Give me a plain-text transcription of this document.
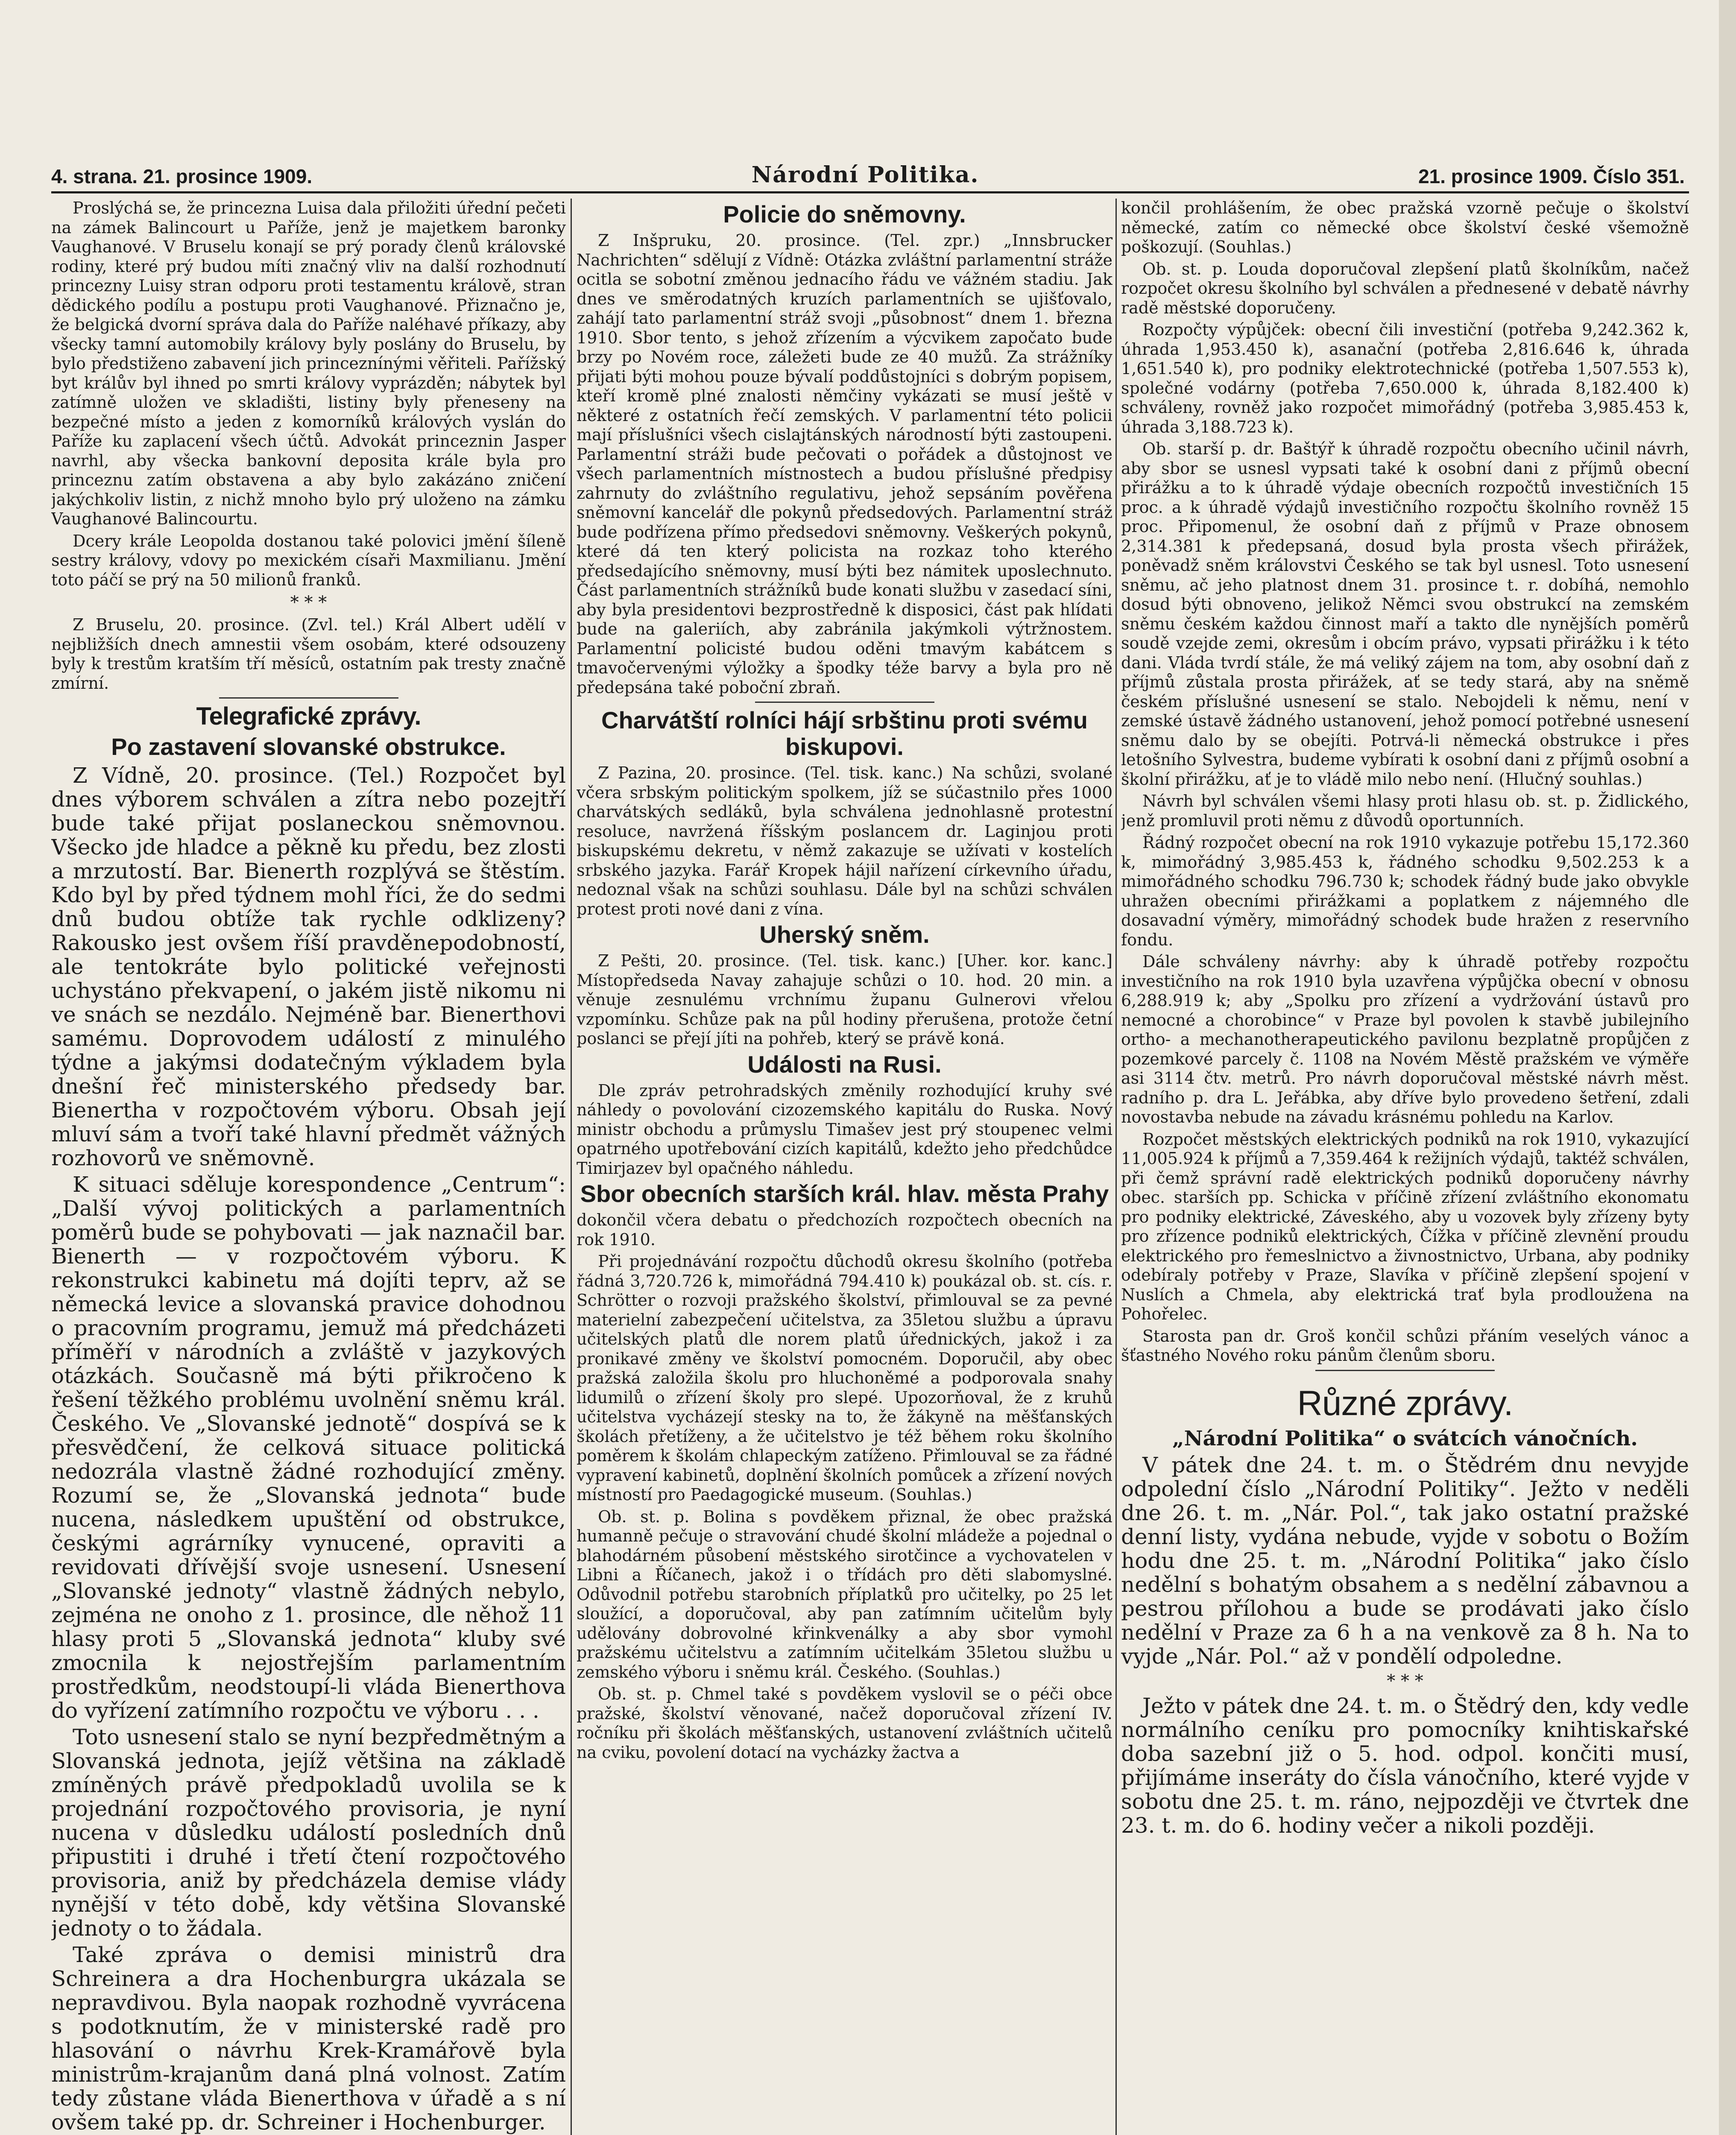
4. strana. 21. prosince 1909.	Národní Politika.	21. prosince 1909. Číslo 351.

Proslýchá se, že princezna Luisa dala přiložiti úřední pečeti na zámek Balincourt u Paříže, jenž je majetkem baronky Vaughanové. V Bruselu konají se prý porady členů královské rodiny, které prý budou míti značný vliv na další rozhodnutí princezny Luisy stran odporu proti testamentu králově, stran dědického podílu a postupu proti Vaughanové. Přiznačno je, že belgická dvorní správa dala do Paříže naléhavé příkazy, aby všecky tamní automobily královy byly poslány do Bruselu, by bylo předstiženo zabavení jich princeznínými věřiteli. Pařížský byt králův byl ihned po smrti královy vyprázděn; nábytek byl zatímně uložen ve skladišti, listiny byly přeneseny na bezpečné místo a jeden z komorníků králových vyslán do Paříže ku zaplacení všech účtů. Advokát princeznin Jasper navrhl, aby všecka bankovní deposita krále byla pro princeznu zatím obstavena a aby bylo zakázáno zničení jakýchkoliv listin, z nichž mnoho bylo prý uloženo na zámku Vaughanové Balincourtu.

Dcery krále Leopolda dostanou také polovici jmění šíleně sestry královy, vdovy po mexickém císaři Maxmilianu. Jmění toto páčí se prý na 50 milionů franků.

* * *

Z Bruselu, 20. prosince. (Zvl. tel.) Král Albert udělí v nejbližších dnech amnestii všem osobám, které odsouzeny byly k trestům kratším tří měsíců, ostatním pak tresty značně zmírní.

Telegrafické zprávy.
Po zastavení slovanské obstrukce.

Z Vídně, 20. prosince. (Tel.) Rozpočet byl dnes výborem schválen a zítra nebo pozejtří bude také přijat poslaneckou sněmovnou. Všecko jde hladce a pěkně ku předu, bez zlosti a mrzutostí. Bar. Bienerth rozplývá se štěstím. Kdo byl by před týdnem mohl říci, že do sedmi dnů budou obtíže tak rychle odklizeny? Rakousko jest ovšem říší pravděnepodobností, ale tentokráte bylo politické veřejnosti uchystáno překvapení, o jakém jistě nikomu ni ve snách se nezdálo. Nejméně bar. Bienerthovi samému. Doprovodem událostí z minulého týdne a jakýmsi dodatečným výkladem byla dnešní řeč ministerského předsedy bar. Bienertha v rozpočtovém výboru. Obsah její mluví sám a tvoří také hlavní předmět vážných rozhovorů ve sněmovně.

K situaci sděluje korespondence „Centrum“: „Další vývoj politických a parlamentních poměrů bude se pohybovati — jak naznačil bar. Bienerth — v rozpočtovém výboru. K rekonstrukci kabinetu má dojíti teprv, až se německá levice a slovanská pravice dohodnou o pracovním programu, jemuž má předcházeti příměří v národních a zvláště v jazykových otázkách. Současně má býti přikročeno k řešení těžkého problému uvolnění sněmu král. Českého. Ve „Slovanské jednotě“ dospívá se k přesvědčení, že celková situace politická nedozrála vlastně žádné rozhodující změny. Rozumí se, že „Slovanská jednota“ bude nucena, následkem upuštění od obstrukce, českými agrárníky vynucené, opraviti a revidovati dřívější svoje usnesení. Usnesení „Slovanské jednoty“ vlastně žádných nebylo, zejména ne onoho z 1. prosince, dle něhož 11 hlasy proti 5 „Slovanská jednota“ kluby své zmocnila k nejostřejším parlamentním prostředkům, neodstoupí-li vláda Bienerthova do vyřízení zatímního rozpočtu ve výboru . . .

Toto usnesení stalo se nyní bezpředmětným a Slovanská jednota, jejíž většina na základě zmíněných právě předpokladů uvolila se k projednání rozpočtového provisoria, je nyní nucena v důsledku událostí posledních dnů připustiti i druhé i třetí čtení rozpočtového provisoria, aniž by předcházela demise vlády nynější v této době, kdy většina Slovanské jednoty o to žádala.

Také zpráva o demisi ministrů dra Schreinera a dra Hochenburgra ukázala se nepravdivou. Byla naopak rozhodně vyvrácena s podotknutím, že v ministerské radě pro hlasování o návrhu Krek-Kramářově byla ministrům-krajanům daná plná volnost. Zatím tedy zůstane vláda Bienerthova v úřadě a s ní ovšem také pp. dr. Schreiner i Hochenburger.

Policie do sněmovny.

Z Inšpruku, 20. prosince. (Tel. zpr.) „Innsbrucker Nachrichten“ sdělují z Vídně: Otázka zvláštní parlamentní stráže ocitla se sobotní změnou jednacího řádu ve vážném stadiu. Jak dnes ve směrodatných kruzích parlamentních se ujišťovalo, zahájí tato parlamentní stráž svoji „působnost“ dnem 1. března 1910. Sbor tento, s jehož zřízením a výcvikem započato bude brzy po Novém roce, záležeti bude ze 40 mužů. Za strážníky přijati býti mohou pouze bývalí poddůstojníci s dobrým popisem, kteří kromě plné znalosti němčiny vykázati se musí ještě v některé z ostatních řečí zemských. V parlamentní této policii mají příslušníci všech cislajtánských národností býti zastoupeni. Parlamentní stráži bude pečovati o pořádek a důstojnost ve všech parlamentních místnostech a budou příslušné předpisy zahrnuty do zvláštního regulativu, jehož sepsáním pověřena sněmovní kancelář dle pokynů předsedových. Parlamentní stráž bude podřízena přímo předsedovi sněmovny. Veškerých pokynů, které dá ten který policista na rozkaz toho kterého předsedajícího sněmovny, musí býti bez námitek uposlechnuto. Část parlamentních strážníků bude konati službu v zasedací síni, aby byla presidentovi bezprostředně k disposici, část pak hlídati bude na galeriích, aby zabránila jakýmkoli výtržnostem. Parlamentní policisté budou oděni tmavým kabátcem s tmavočervenými výložky a špodky téže barvy a byla pro ně předepsána také poboční zbraň.

Charvátští rolníci hájí srbštinu proti svému biskupovi.

Z Pazina, 20. prosince. (Tel. tisk. kanc.) Na schůzi, svolané včera srbským politickým spolkem, jíž se súčastnilo přes 1000 charvátských sedláků, byla schválena jednohlasně protestní resoluce, navržená říšským poslancem dr. Laginjou proti biskupskému dekretu, v němž zakazuje se užívati v kostelích srbského jazyka. Farář Kropek hájil nařízení církevního úřadu, nedoznal však na schůzi souhlasu. Dále byl na schůzi schválen protest proti nové dani z vína.

Uherský sněm.

Z Pešti, 20. prosince. (Tel. tisk. kanc.) [Uher. kor. kanc.] Místopředseda Navay zahajuje schůzi o 10. hod. 20 min. a věnuje zesnulému vrchnímu županu Gulnerovi vřelou vzpomínku. Schůze pak na půl hodiny přerušena, protože četní poslanci se přejí jíti na pohřeb, který se právě koná.

Události na Rusi.

Dle zpráv petrohradských změnily rozhodující kruhy své náhledy o povolování cizozemského kapitálu do Ruska. Nový ministr obchodu a průmyslu Timašev jest prý stoupenec velmi opatrného upotřebování cizích kapitálů, kdežto jeho předchůdce Timirjazev byl opačného náhledu.

Sbor obecních starších král. hlav. města Prahy

dokončil včera debatu o předchozích rozpočtech obecních na rok 1910.

Při projednávání rozpočtu důchodů okresu školního (potřeba řádná 3,720.726 k, mimořádná 794.410 k) poukázal ob. st. cís. r. Schrötter o rozvoji pražského školství, přimlouval se za pevné materielní zabezpečení učitelstva, za 35letou službu a úpravu učitelských platů dle norem platů úřednických, jakož i za pronikavé změny ve školství pomocném. Doporučil, aby obec pražská založila školu pro hluchoněmé a podporovala snahy lidumilů o zřízení školy pro slepé. Upozorňoval, že z kruhů učitelstva vycházejí stesky na to, že žákyně na měšťanských školách přetíženy, a že učitelstvo je též během roku školního poměrem k školám chlapeckým zatíženo. Přimlouval se za řádné vypravení kabinetů, doplnění školních pomůcek a zřízení nových místností pro Paedagogické museum. (Souhlas.)

Ob. st. p. Bolina s povděkem přiznal, že obec pražská humanně pečuje o stravování chudé školní mládeže a pojednal o blahodárném působení městského sirotčince a vychovatelen v Libni a Říčanech, jakož i o třídách pro děti slabomyslné. Odůvodnil potřebu starobních příplatků pro učitelky, po 25 let sloužící, a doporučoval, aby pan zatímním učitelům byly udělovány dobrovolné křinkvenálky a aby sbor vymohl pražskému učitelstvu a zatímním učitelkám 35letou službu u zemského výboru i sněmu král. Českého. (Souhlas.)

Ob. st. p. Chmel také s povděkem vyslovil se o péči obce pražské, školství věnované, načež doporučoval zřízení IV. ročníku při školách měšťanských, ustanovení zvláštních učitelů na cviku, povolení dotací na vycházky žactva a

končil prohlášením, že obec pražská vzorně pečuje o školství německé, zatím co německé obce školství české všemožně poškozují. (Souhlas.)

Ob. st. p. Louda doporučoval zlepšení platů školníkům, načež rozpočet okresu školního byl schválen a přednesené v debatě návrhy radě městské doporučeny.

Rozpočty výpůjček: obecní čili investiční (potřeba 9,242.362 k, úhrada 1,953.450 k), asanační (potřeba 2,816.646 k, úhrada 1,651.540 k), pro podniky elektrotechnické (potřeba 1,507.553 k), společné vodárny (potřeba 7,650.000 k, úhrada 8,182.400 k) schváleny, rovněž jako rozpočet mimořádný (potřeba 3,985.453 k, úhrada 3,188.723 k).

Ob. starší p. dr. Baštýř k úhradě rozpočtu obecního učinil návrh, aby sbor se usnesl vypsati také k osobní dani z příjmů obecní přirážku a to k úhradě výdaje obecních rozpočtů investičních 15 proc. a k úhradě výdajů investičního rozpočtu školního rovněž 15 proc. Připomenul, že osobní daň z příjmů v Praze obnosem 2,314.381 k předepsaná, dosud byla prosta všech přirážek, poněvadž sněm královstvi Českého se tak byl usnesl. Toto usnesení sněmu, ač jeho platnost dnem 31. prosince t. r. dobíhá, nemohlo dosud býti obnoveno, jelikož Němci svou obstrukcí na zemském sněmu českém každou činnost maří a takto dle nynějších poměrů soudě vzejde zemi, okresům i obcím právo, vypsati přirážku i k této dani. Vláda tvrdí stále, že má veliký zájem na tom, aby osobní daň z příjmů zůstala prosta přirážek, ať se tedy stará, aby na sněmě českém příslušné usnesení se stalo. Nebojdeli k němu, není v zemské ústavě žádného ustanovení, jehož pomocí potřebné usnesení sněmu dalo by se obejíti. Potrvá-li německá obstrukce i přes letošního Sylvestra, budeme vybírati k osobní dani z příjmů osobní a školní přirážku, ať je to vládě milo nebo není. (Hlučný souhlas.)

Návrh byl schválen všemi hlasy proti hlasu ob. st. p. Židlického, jenž promluvil proti němu z důvodů oportunních.

Řádný rozpočet obecní na rok 1910 vykazuje potřebu 15,172.360 k, mimořádný 3,985.453 k, řádného schodku 9,502.253 k a mimořádného schodku 796.730 k; schodek řádný bude jako obvykle uhražen obecními přirážkami a poplatkem z nájemného dle dosavadní výměry, mimořádný schodek bude hražen z reservního fondu.

Dále schváleny návrhy: aby k úhradě potřeby rozpočtu investičního na rok 1910 byla uzavřena výpůjčka obecní v obnosu 6,288.919 k; aby „Spolku pro zřízení a vydržování ústavů pro nemocné a chorobince“ v Praze byl povolen k stavbě jubilejního ortho- a mechanotherapeutického pavilonu bezplatně propůjčen z pozemkové parcely č. 1108 na Novém Městě pražském ve výměře asi 3114 čtv. metrů. Pro návrh doporučoval městské návrh měst. radního p. dra L. Jeřábka, aby dříve bylo provedeno šetření, zdali novostavba nebude na závadu krásnému pohledu na Karlov.

Rozpočet městských elektrických podniků na rok 1910, vykazující 11,005.924 k příjmů a 7,359.464 k režijních výdajů, taktéž schválen, při čemž správní radě elektrických podniků doporučeny návrhy obec. starších pp. Schicka v příčině zřízení zvláštního ekonomatu pro podniky elektrické, Záveského, aby u vozovek byly zřízeny byty pro zřízence podniků elektrických, Čížka v příčině zlevnění proudu elektrického pro řemeslnictvo a živnostnictvo, Urbana, aby podniky odebíraly potřeby v Praze, Slavíka v příčině zlepšení spojení v Nuslích a Chmela, aby elektrická trať byla prodloužena na Pohořelec.

Starosta pan dr. Groš končil schůzi přáním veselých vánoc a šťastného Nového roku pánům členům sboru.

Různé zprávy.
„Národní Politika“ o svátcích vánočních.

V pátek dne 24. t. m. o Štědrém dnu nevyjde odpolední číslo „Národní Politiky“. Ježto v neděli dne 26. t. m. „Nár. Pol.“, tak jako ostatní pražské denní listy, vydána nebude, vyjde v sobotu o Božím hodu dne 25. t. m. „Národní Politika“ jako číslo nedělní s bohatým obsahem a s nedělní zábavnou a pestrou přílohou a bude se prodávati jako číslo nedělní v Praze za 6 h a na venkově za 8 h. Na to vyjde „Nár. Pol.“ až v pondělí odpoledne.

* * *

Ježto v pátek dne 24. t. m. o Štědrý den, kdy vedle normálního ceníku pro pomocníky knihtiskařské doba sazební již o 5. hod. odpol. končiti musí, přijímáme inseráty do čísla vánočního, které vyjde v sobotu dne 25. t. m. ráno, nejpozději ve čtvrtek dne 23. t. m. do 6. hodiny večer a nikoli později.
